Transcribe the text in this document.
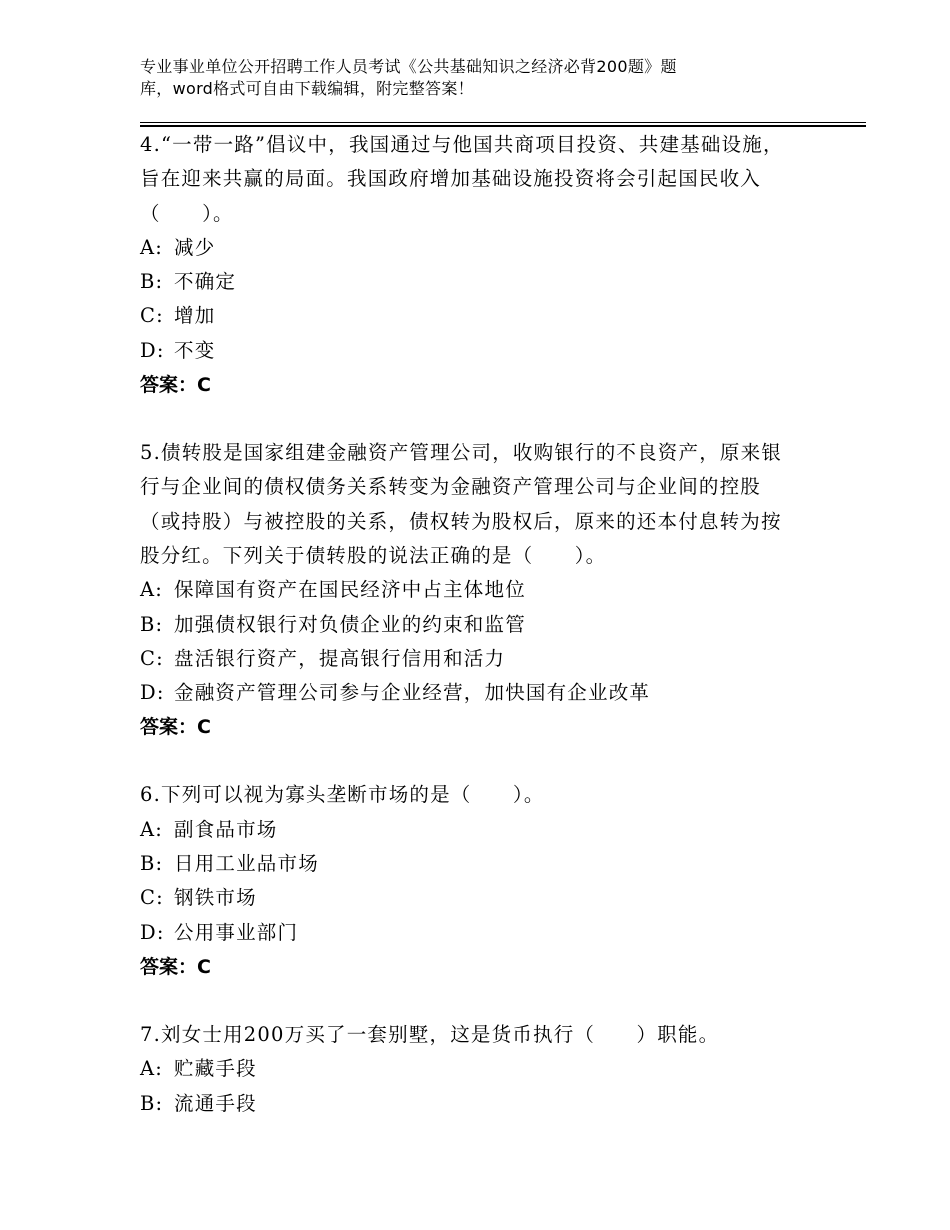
专业事业单位公开招聘工作人员考试《公共基础知识之经济必背200题》题
库，word格式可自由下载编辑，附完整答案！

4.“一带一路”倡议中，我国通过与他国共商项目投资、共建基础设施，旨在迎来共赢的局面。我国政府增加基础设施投资将会引起国民收入（　　）。

A: 减少

B: 不确定

C: 增加

D: 不变

答案：C

5.债转股是国家组建金融资产管理公司，收购银行的不良资产，原来银行与企业间的债权债务关系转变为金融资产管理公司与企业间的控股（或持股）与被控股的关系，债权转为股权后，原来的还本付息转为按股分红。下列关于债转股的说法正确的是（　　）。

A: 保障国有资产在国民经济中占主体地位

B: 加强债权银行对负债企业的约束和监管

C: 盘活银行资产，提高银行信用和活力

D: 金融资产管理公司参与企业经营，加快国有企业改革

答案：C

6.下列可以视为寡头垄断市场的是（　　）。

A: 副食品市场

B: 日用工业品市场

C: 钢铁市场

D: 公用事业部门

答案：C

7.刘女士用200万买了一套别墅，这是货币执行（　　）职能。

A: 贮藏手段

B: 流通手段
